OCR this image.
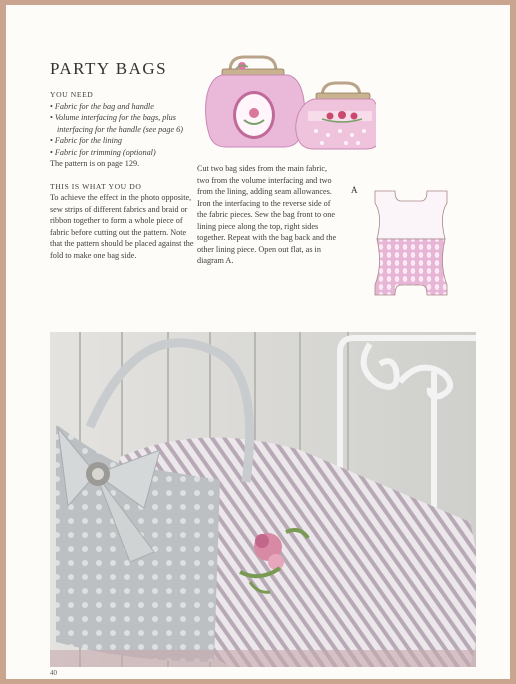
PARTY BAGS

YOU NEED

• Fabric for the bag and handle
• Volume interfacing for the bags, plus interfacing for the handle (see page 6)
• Fabric for the lining
• Fabric for trimming (optional)

The pattern is on page 129.

THIS IS WHAT YOU DO

To achieve the effect in the photo opposite, sew strips of different fabrics and braid or ribbon together to form a whole piece of fabric before cutting out the pattern. Note that the pattern should be placed against the fold to make one bag side.

Cut two bag sides from the main fabric, two from the volume interfacing and two from the lining, adding seam allowances. Iron the interfacing to the reverse side of the fabric pieces. Sew the bag front to one lining piece along the top, right sides together. Repeat with the bag back and the other lining piece. Open out flat, as in diagram A.

A
40
